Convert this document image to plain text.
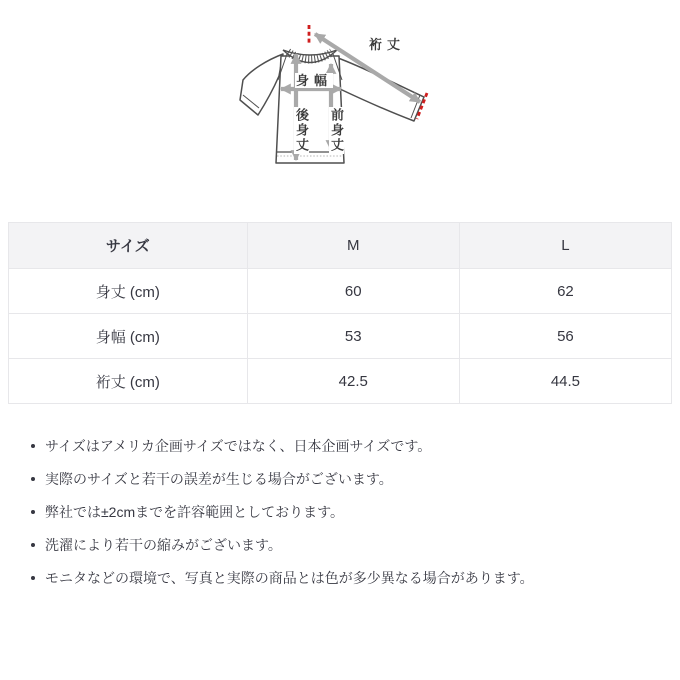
裄丈
身幅
後身丈 前身丈
サイズ	M	L
身丈 (cm)	60	62
身幅 (cm)	53	56
裄丈 (cm)	42.5	44.5
サイズはアメリカ企画サイズではなく、日本企画サイズです。
実際のサイズと若干の誤差が生じる場合がございます。
弊社では±2cmまでを許容範囲としております。
洗濯により若干の縮みがございます。
モニタなどの環境で、写真と実際の商品とは色が多少異なる場合があります。
